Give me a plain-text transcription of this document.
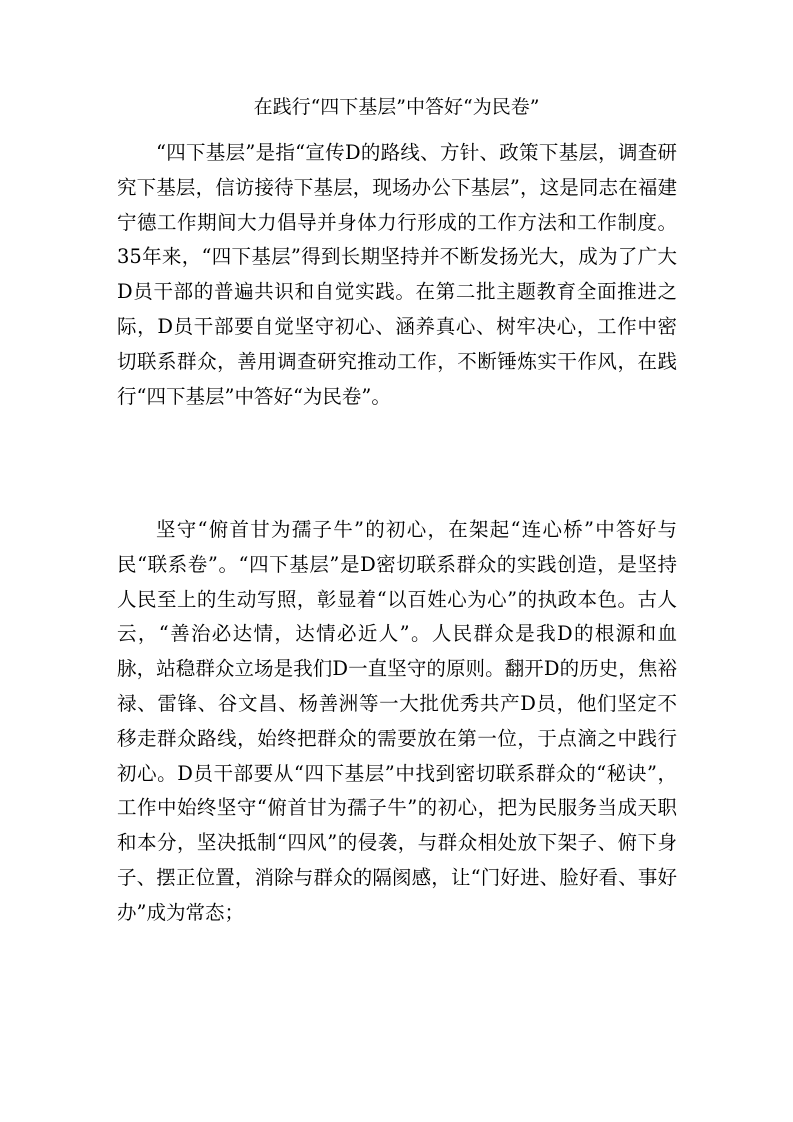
在践行“四下基层”中答好“为民卷”

“四下基层”是指“宣传D的路线、方针、政策下基层，调查研究下基层，信访接待下基层，现场办公下基层”，这是同志在福建宁德工作期间大力倡导并身体力行形成的工作方法和工作制度。35年来，“四下基层”得到长期坚持并不断发扬光大，成为了广大D员干部的普遍共识和自觉实践。在第二批主题教育全面推进之际，D员干部要自觉坚守初心、涵养真心、树牢决心，工作中密切联系群众，善用调查研究推动工作，不断锤炼实干作风，在践行“四下基层”中答好“为民卷”。

坚守“俯首甘为孺子牛”的初心，在架起“连心桥”中答好与民“联系卷”。“四下基层”是D密切联系群众的实践创造，是坚持人民至上的生动写照，彰显着“以百姓心为心”的执政本色。古人云，“善治必达情，达情必近人”。人民群众是我D的根源和血脉，站稳群众立场是我们D一直坚守的原则。翻开D的历史，焦裕禄、雷锋、谷文昌、杨善洲等一大批优秀共产D员，他们坚定不移走群众路线，始终把群众的需要放在第一位，于点滴之中践行初心。D员干部要从“四下基层”中找到密切联系群众的“秘诀”，工作中始终坚守“俯首甘为孺子牛”的初心，把为民服务当成天职和本分，坚决抵制“四风”的侵袭，与群众相处放下架子、俯下身子、摆正位置，消除与群众的隔阂感，让“门好进、脸好看、事好办”成为常态；
